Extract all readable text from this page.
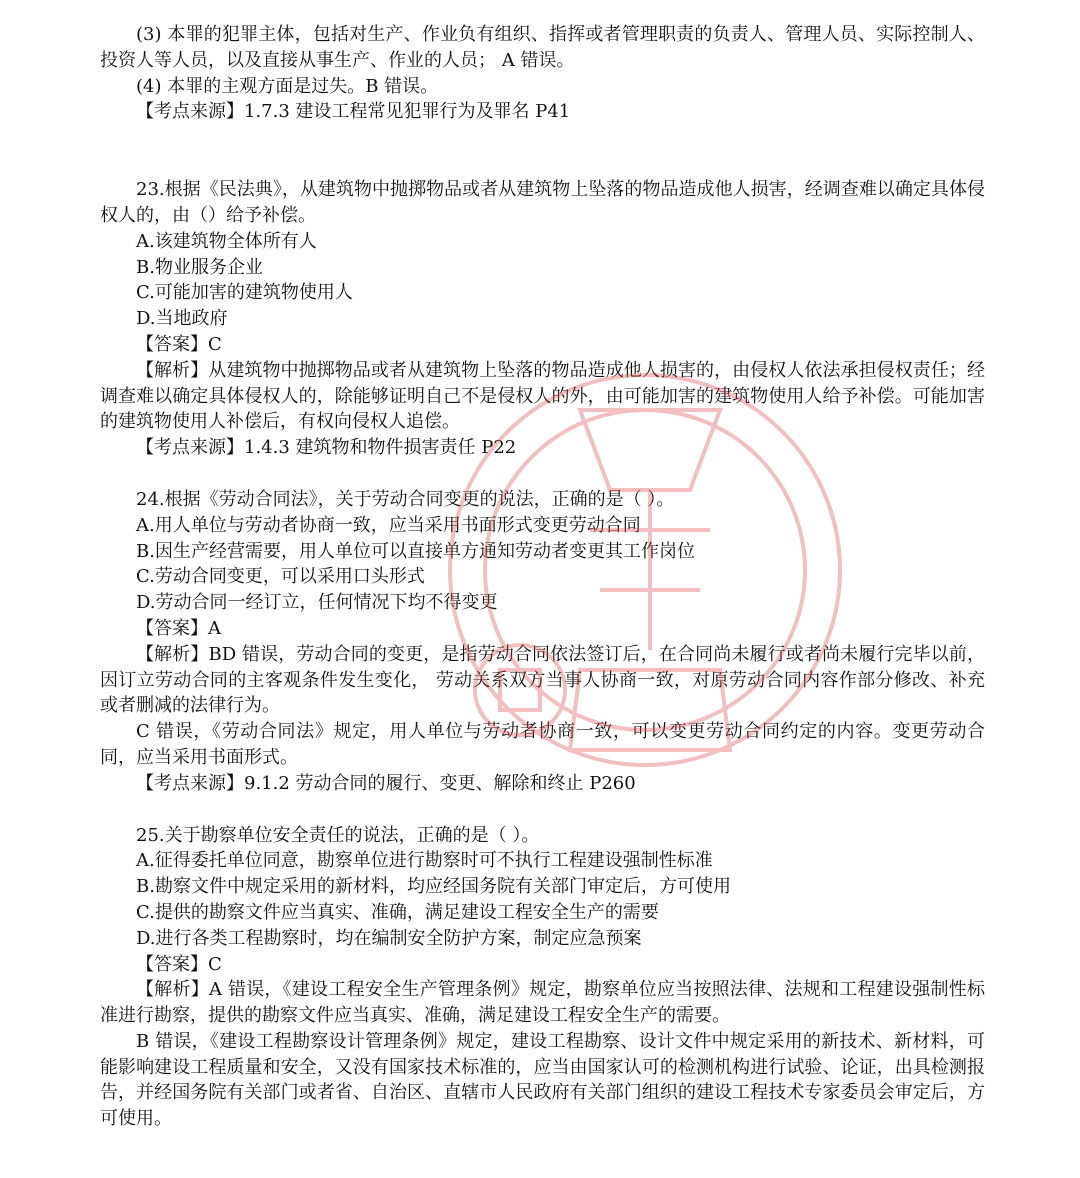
(3) 本罪的犯罪主体，包括对生产、作业负有组织、指挥或者管理职责的负责人、管理人员、实际控制人、投资人等人员，以及直接从事生产、作业的人员； A 错误。

(4) 本罪的主观方面是过失。B 错误。

【考点来源】1.7.3 建设工程常见犯罪行为及罪名 P41

23.根据《民法典》，从建筑物中抛掷物品或者从建筑物上坠落的物品造成他人损害，经调查难以确定具体侵权人的，由（）给予补偿。

A.该建筑物全体所有人

B.物业服务企业

C.可能加害的建筑物使用人

D.当地政府

【答案】C

【解析】从建筑物中抛掷物品或者从建筑物上坠落的物品造成他人损害的，由侵权人依法承担侵权责任；经调查难以确定具体侵权人的，除能够证明自己不是侵权人的外，由可能加害的建筑物使用人给予补偿。可能加害的建筑物使用人补偿后，有权向侵权人追偿。

【考点来源】1.4.3 建筑物和物件损害责任 P22

24.根据《劳动合同法》，关于劳动合同变更的说法，正确的是（ ）。

A.用人单位与劳动者协商一致，应当采用书面形式变更劳动合同

B.因生产经营需要，用人单位可以直接单方通知劳动者变更其工作岗位

C.劳动合同变更，可以采用口头形式

D.劳动合同一经订立，任何情况下均不得变更

【答案】A

【解析】BD 错误，劳动合同的变更，是指劳动合同依法签订后，在合同尚未履行或者尚未履行完毕以前，因订立劳动合同的主客观条件发生变化， 劳动关系双方当事人协商一致，对原劳动合同内容作部分修改、补充或者删减的法律行为。

C 错误，《劳动合同法》规定，用人单位与劳动者协商一致，可以变更劳动合同约定的内容。变更劳动合同，应当采用书面形式。

【考点来源】9.1.2 劳动合同的履行、变更、解除和终止 P260

25.关于勘察单位安全责任的说法，正确的是（ ）。

A.征得委托单位同意，勘察单位进行勘察时可不执行工程建设强制性标准

B.勘察文件中规定采用的新材料，均应经国务院有关部门审定后，方可使用

C.提供的勘察文件应当真实、准确，满足建设工程安全生产的需要

D.进行各类工程勘察时，均在编制安全防护方案，制定应急预案

【答案】C

【解析】A 错误，《建设工程安全生产管理条例》规定，勘察单位应当按照法律、法规和工程建设强制性标准进行勘察，提供的勘察文件应当真实、准确，满足建设工程安全生产的需要。

B 错误，《建设工程勘察设计管理条例》规定，建设工程勘察、设计文件中规定采用的新技术、新材料，可能影响建设工程质量和安全，又没有国家技术标准的，应当由国家认可的检测机构进行试验、论证，出具检测报告，并经国务院有关部门或者省、自治区、直辖市人民政府有关部门组织的建设工程技术专家委员会审定后，方可使用。
